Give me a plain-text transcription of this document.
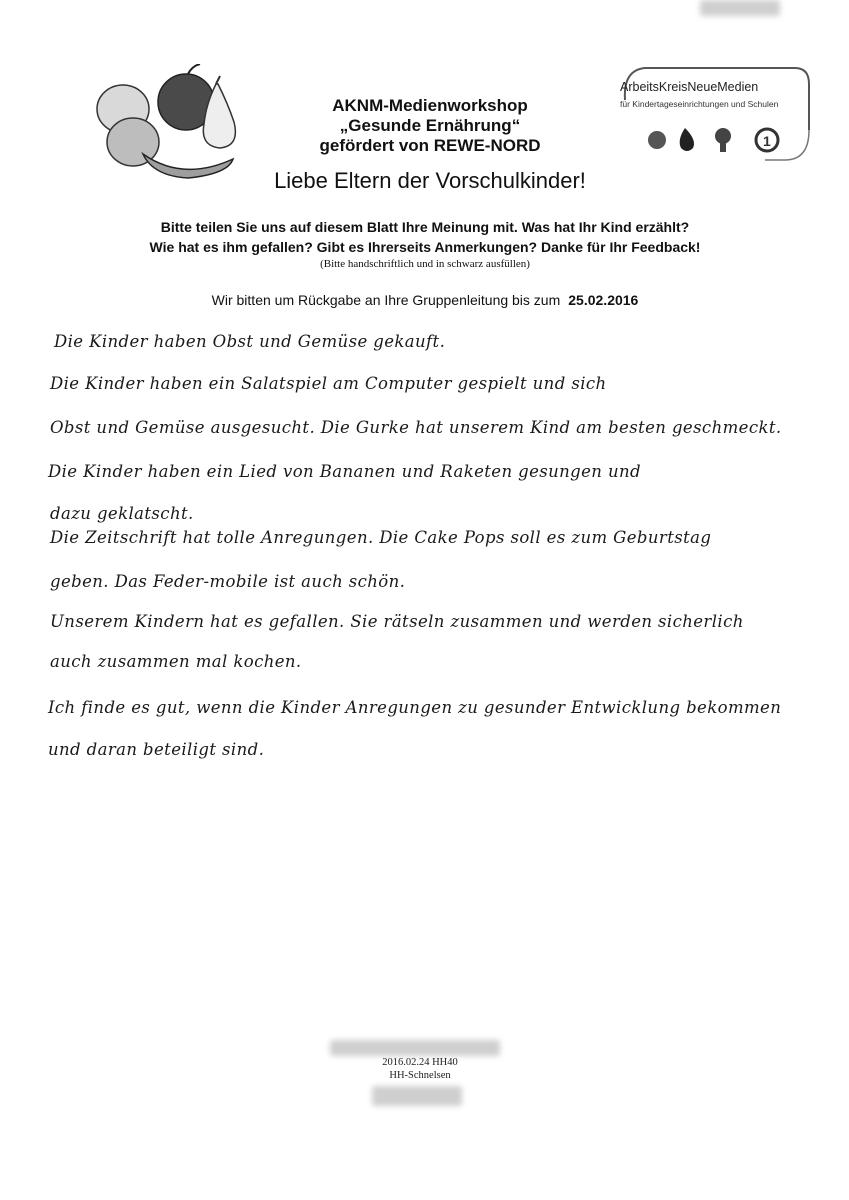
AKNM-Medienworkshop
„Gesunde Ernährung“
gefördert von REWE-NORD
Liebe Eltern der Vorschulkinder!
1
ArbeitsKreisNeueMedien
für Kindertageseinrichtungen und Schulen
Bitte teilen Sie uns auf diesem Blatt Ihre Meinung mit. Was hat Ihr Kind erzählt?
Wie hat es ihm gefallen? Gibt es Ihrerseits Anmerkungen? Danke für Ihr Feedback!
(Bitte handschriftlich und in schwarz ausfüllen)
Wir bitten um Rückgabe an Ihre Gruppenleitung bis zum 25.02.2016
Die Kinder haben Obst und Gemüse gekauft.
Die Kinder haben ein Salatspiel am Computer gespielt und sich
Obst und Gemüse ausgesucht. Die Gurke hat unserem Kind am besten geschmeckt.
Die Kinder haben ein Lied von Bananen und Raketen gesungen und
dazu geklatscht.
Die Zeitschrift hat tolle Anregungen. Die Cake Pops soll es zum Geburtstag
geben. Das Feder-mobile ist auch schön.
Unserem Kindern hat es gefallen. Sie rätseln zusammen und werden sicherlich
auch zusammen mal kochen.
Ich finde es gut, wenn die Kinder Anregungen zu gesunder Entwicklung bekommen
und daran beteiligt sind.
2016.02.24 HH40
HH-Schnelsen
